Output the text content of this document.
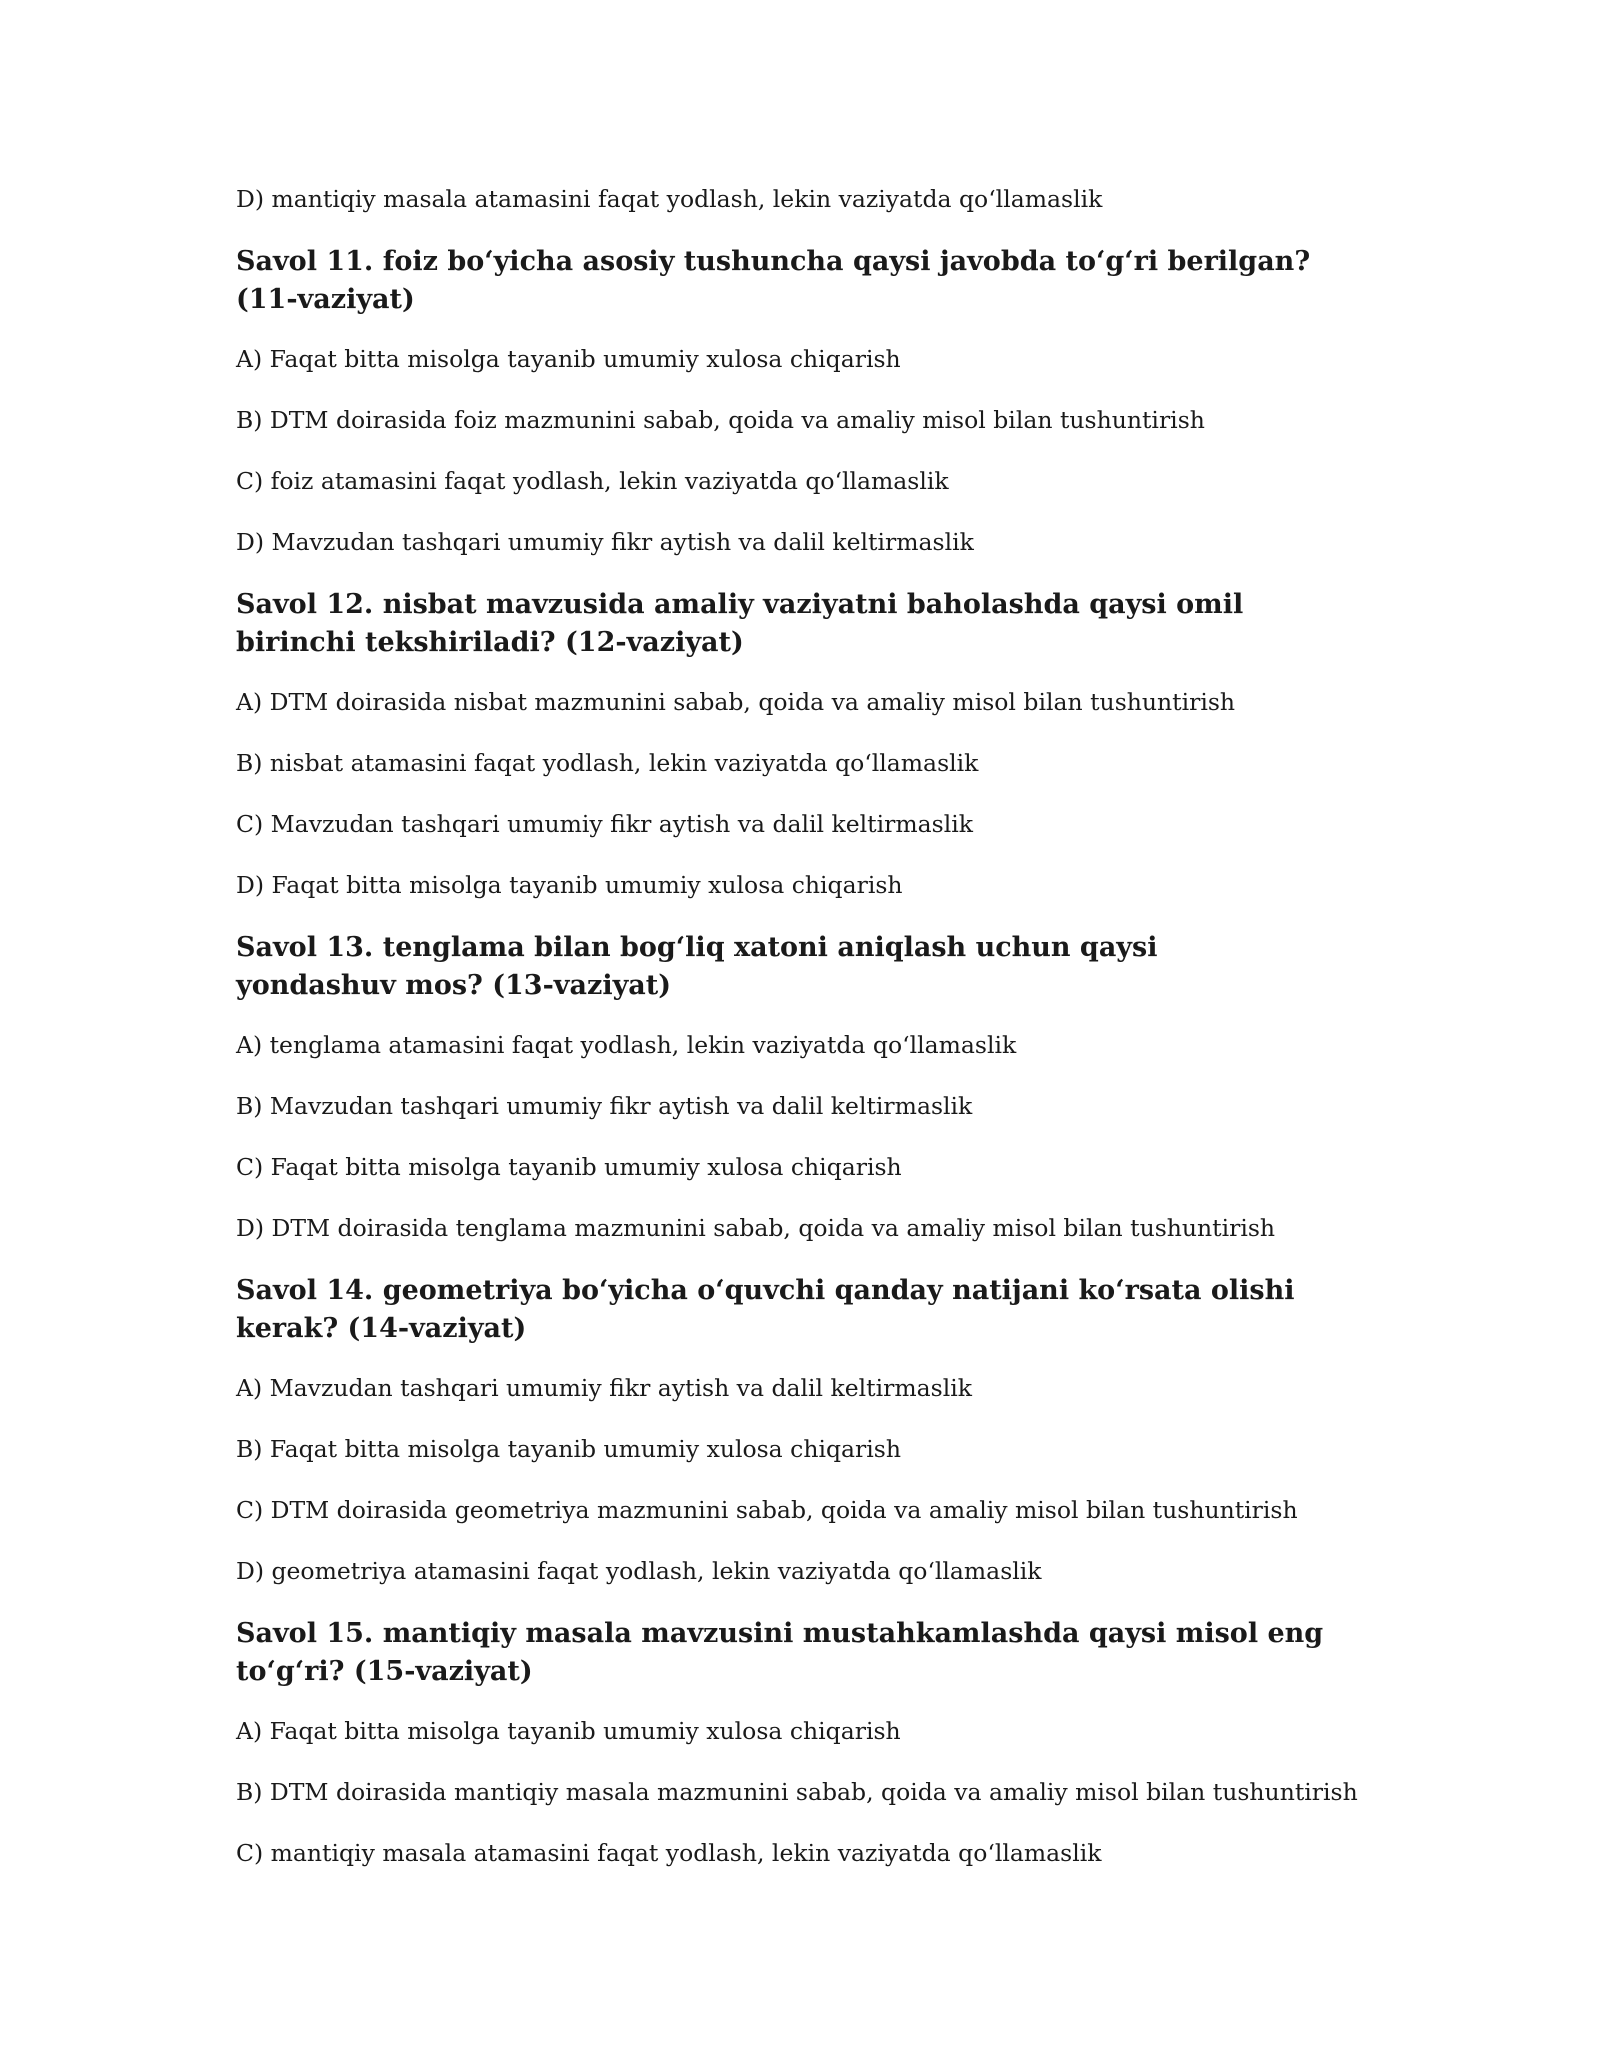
D) mantiqiy masala atamasini faqat yodlash, lekin vaziyatda qo‘llamaslik

Savol 11. foiz bo‘yicha asosiy tushuncha qaysi javobda to‘g‘ri berilgan? (11-vaziyat)

A) Faqat bitta misolga tayanib umumiy xulosa chiqarish

B) DTM doirasida foiz mazmunini sabab, qoida va amaliy misol bilan tushuntirish

C) foiz atamasini faqat yodlash, lekin vaziyatda qo‘llamaslik

D) Mavzudan tashqari umumiy fikr aytish va dalil keltirmaslik

Savol 12. nisbat mavzusida amaliy vaziyatni baholashda qaysi omil birinchi tekshiriladi? (12-vaziyat)

A) DTM doirasida nisbat mazmunini sabab, qoida va amaliy misol bilan tushuntirish

B) nisbat atamasini faqat yodlash, lekin vaziyatda qo‘llamaslik

C) Mavzudan tashqari umumiy fikr aytish va dalil keltirmaslik

D) Faqat bitta misolga tayanib umumiy xulosa chiqarish

Savol 13. tenglama bilan bog‘liq xatoni aniqlash uchun qaysi yondashuv mos? (13-vaziyat)

A) tenglama atamasini faqat yodlash, lekin vaziyatda qo‘llamaslik

B) Mavzudan tashqari umumiy fikr aytish va dalil keltirmaslik

C) Faqat bitta misolga tayanib umumiy xulosa chiqarish

D) DTM doirasida tenglama mazmunini sabab, qoida va amaliy misol bilan tushuntirish

Savol 14. geometriya bo‘yicha o‘quvchi qanday natijani ko‘rsata olishi kerak? (14-vaziyat)

A) Mavzudan tashqari umumiy fikr aytish va dalil keltirmaslik

B) Faqat bitta misolga tayanib umumiy xulosa chiqarish

C) DTM doirasida geometriya mazmunini sabab, qoida va amaliy misol bilan tushuntirish

D) geometriya atamasini faqat yodlash, lekin vaziyatda qo‘llamaslik

Savol 15. mantiqiy masala mavzusini mustahkamlashda qaysi misol eng to‘g‘ri? (15-vaziyat)

A) Faqat bitta misolga tayanib umumiy xulosa chiqarish

B) DTM doirasida mantiqiy masala mazmunini sabab, qoida va amaliy misol bilan tushuntirish

C) mantiqiy masala atamasini faqat yodlash, lekin vaziyatda qo‘llamaslik
